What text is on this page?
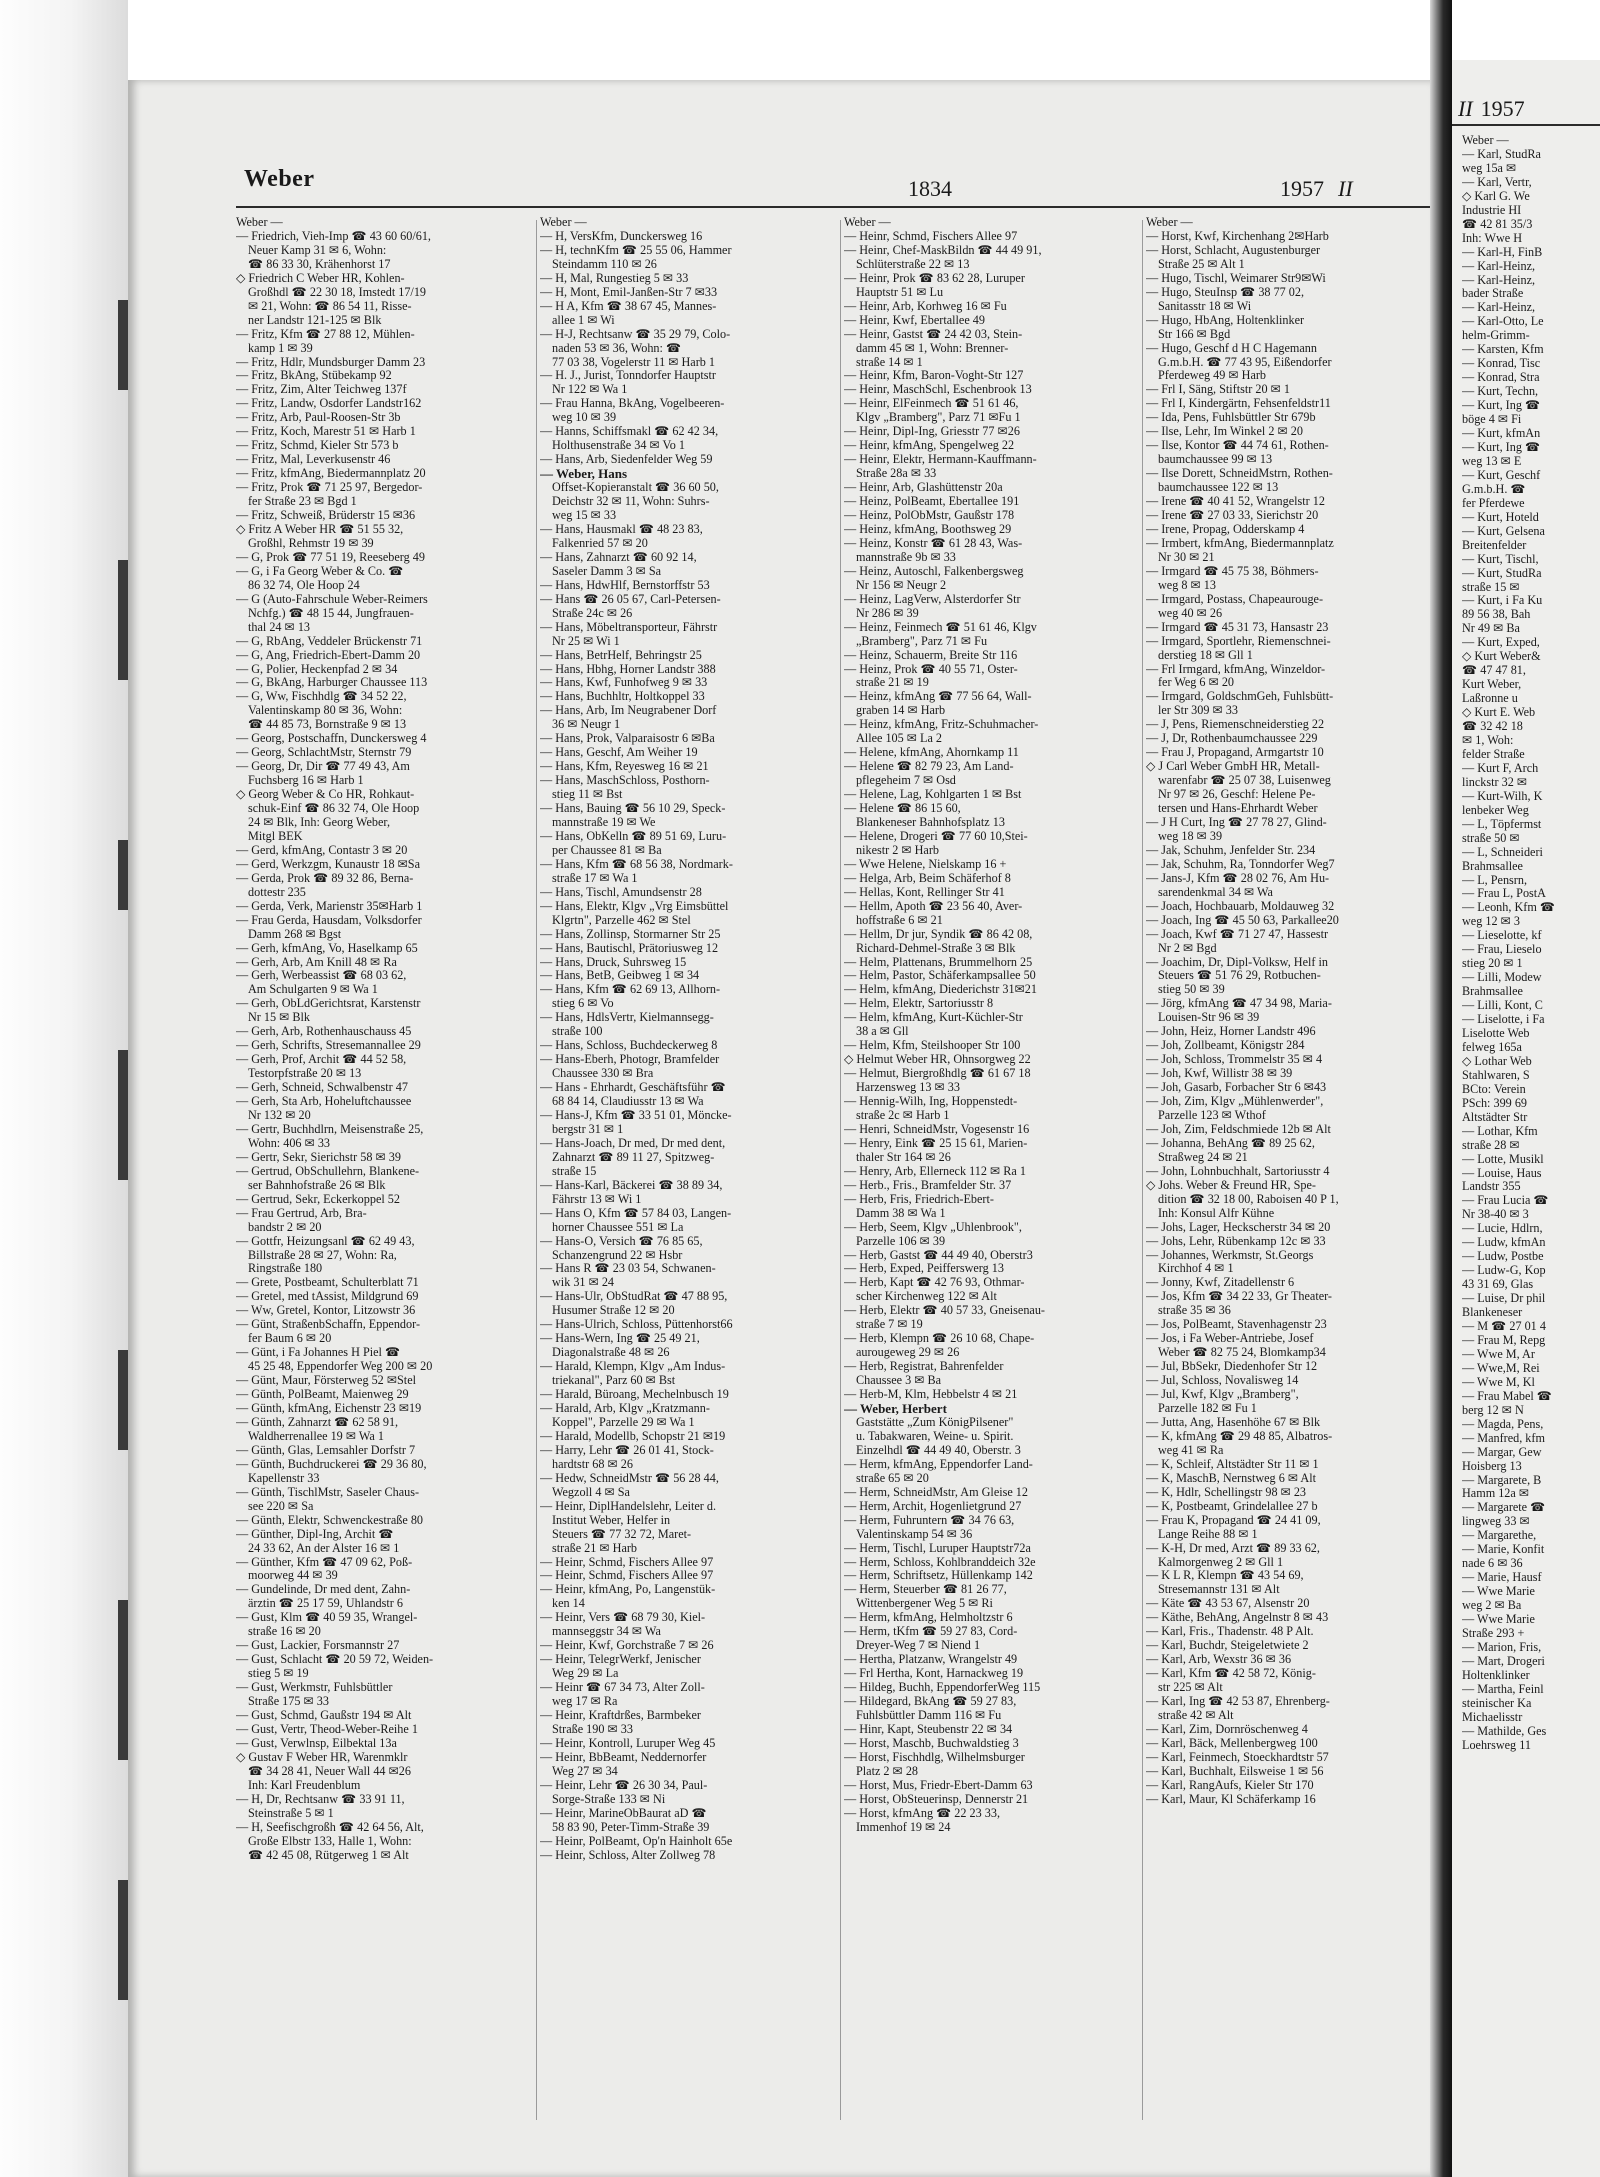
Weber	1834	1957 II
Weber —
— Friedrich, Vieh-Imp ☎ 43 60 60/61,
Neuer Kamp 31 ✉ 6, Wohn:
☎ 86 33 30, Krähenhorst 17
◇ Friedrich C Weber HR, Kohlen-
Großhdl ☎ 22 30 18, Imstedt 17/19
✉ 21, Wohn: ☎ 86 54 11, Risse-
ner Landstr 121-125 ✉ Blk
— Fritz, Kfm ☎ 27 88 12, Mühlen-
kamp 1 ✉ 39
— Fritz, Hdlr, Mundsburger Damm 23
— Fritz, BkAng, Stübekamp 92
— Fritz, Zim, Alter Teichweg 137f
— Fritz, Landw, Osdorfer Landstr162
— Fritz, Arb, Paul-Roosen-Str 3b
— Fritz, Koch, Marestr 51 ✉ Harb 1
— Fritz, Schmd, Kieler Str 573 b
— Fritz, Mal, Leverkusenstr 46
— Fritz, kfmAng, Biedermannplatz 20
— Fritz, Prok ☎ 71 25 97, Bergedor-
fer Straße 23 ✉ Bgd 1
— Fritz, Schweiß, Brüderstr 15 ✉36
◇ Fritz A Weber HR ☎ 51 55 32,
Großhl, Rehmstr 19 ✉ 39
— G, Prok ☎ 77 51 19, Reeseberg 49
— G, i Fa Georg Weber & Co. ☎
86 32 74, Ole Hoop 24
— G (Auto-Fahrschule Weber-Reimers
Nchfg.) ☎ 48 15 44, Jungfrauen-
thal 24 ✉ 13
— G, RbAng, Veddeler Brückenstr 71
— G, Ang, Friedrich-Ebert-Damm 20
— G, Polier, Heckenpfad 2 ✉ 34
— G, BkAng, Harburger Chaussee 113
— G, Ww, Fischhdlg ☎ 34 52 22,
Valentinskamp 80 ✉ 36, Wohn:
☎ 44 85 73, Bornstraße 9 ✉ 13
— Georg, Postschaffn, Dunckersweg 4
— Georg, SchlachtMstr, Sternstr 79
— Georg, Dr, Dir ☎ 77 49 43, Am
Fuchsberg 16 ✉ Harb 1
◇ Georg Weber & Co HR, Rohkaut-
schuk-Einf ☎ 86 32 74, Ole Hoop
24 ✉ Blk, Inh: Georg Weber,
Mitgl BEK
— Gerd, kfmAng, Contastr 3 ✉ 20
— Gerd, Werkzgm, Kunaustr 18 ✉Sa
— Gerda, Prok ☎ 89 32 86, Berna-
dottestr 235
— Gerda, Verk, Marienstr 35✉Harb 1
— Frau Gerda, Hausdam, Volksdorfer
Damm 268 ✉ Bgst
— Gerh, kfmAng, Vo, Haselkamp 65
— Gerh, Arb, Am Knill 48 ✉ Ra
— Gerh, Werbeassist ☎ 68 03 62,
Am Schulgarten 9 ✉ Wa 1
— Gerh, ObLdGerichtsrat, Karstenstr
Nr 15 ✉ Blk
— Gerh, Arb, Rothenhauschauss 45
— Gerh, Schrifts, Stresemannallee 29
— Gerh, Prof, Archit ☎ 44 52 58,
Testorpfstraße 20 ✉ 13
— Gerh, Schneid, Schwalbenstr 47
— Gerh, Sta Arb, Hoheluftchaussee
Nr 132 ✉ 20
— Gertr, Buchhdlrn, Meisenstraße 25,
Wohn: 406 ✉ 33
— Gertr, Sekr, Sierichstr 58 ✉ 39
— Gertrud, ObSchullehrn, Blankene-
ser Bahnhofstraße 26 ✉ Blk
— Gertrud, Sekr, Eckerkoppel 52
— Frau Gertrud, Arb, Bra-
bandstr 2 ✉ 20
— Gottfr, Heizungsanl ☎ 62 49 43,
Billstraße 28 ✉ 27, Wohn: Ra,
Ringstraße 180
— Grete, Postbeamt, Schulterblatt 71
— Gretel, med tAssist, Mildgrund 69
— Ww, Gretel, Kontor, Litzowstr 36
— Günt, StraßenbSchaffn, Eppendor-
fer Baum 6 ✉ 20
— Günt, i Fa Johannes H Piel ☎
45 25 48, Eppendorfer Weg 200 ✉ 20
— Günt, Maur, Försterweg 52 ✉Stel
— Günth, PolBeamt, Maienweg 29
— Günth, kfmAng, Eichenstr 23 ✉19
— Günth, Zahnarzt ☎ 62 58 91,
Waldherrenallee 19 ✉ Wa 1
— Günth, Glas, Lemsahler Dorfstr 7
— Günth, Buchdruckerei ☎ 29 36 80,
Kapellenstr 33
— Günth, TischlMstr, Saseler Chaus-
see 220 ✉ Sa
— Günth, Elektr, Schwenckestraße 80
— Günther, Dipl-Ing, Archit ☎
24 33 62, An der Alster 16 ✉ 1
— Günther, Kfm ☎ 47 09 62, Poß-
moorweg 44 ✉ 39
— Gundelinde, Dr med dent, Zahn-
ärztin ☎ 25 17 59, Uhlandstr 6
— Gust, Klm ☎ 40 59 35, Wrangel-
straße 16 ✉ 20
— Gust, Lackier, Forsmannstr 27
— Gust, Schlacht ☎ 20 59 72, Weiden-
stieg 5 ✉ 19
— Gust, Werkmstr, Fuhlsbüttler
Straße 175 ✉ 33
— Gust, Schmd, Gaußstr 194 ✉ Alt
— Gust, Vertr, Theod-Weber-Reihe 1
— Gust, Verwlnsp, Eilbektal 13a
◇ Gustav F Weber HR, Warenmklr
☎ 34 28 41, Neuer Wall 44 ✉26
Inh: Karl Freudenblum
— H, Dr, Rechtsanw ☎ 33 91 11,
Steinstraße 5 ✉ 1
— H, Seefischgroßh ☎ 42 64 56, Alt,
Große Elbstr 133, Halle 1, Wohn:
☎ 42 45 08, Rütgerweg 1 ✉ Alt
Weber —
— H, VersKfm, Dunckersweg 16
— H, technKfm ☎ 25 55 06, Hammer
Steindamm 110 ✉ 26
— H, Mal, Rungestieg 5 ✉ 33
— H, Mont, Emil-Janßen-Str 7 ✉33
— H A, Kfm ☎ 38 67 45, Mannes-
allee 1 ✉ Wi
— H-J, Rechtsanw ☎ 35 29 79, Colo-
naden 53 ✉ 36, Wohn: ☎
77 03 38, Vogelerstr 11 ✉ Harb 1
— H. J., Jurist, Tonndorfer Hauptstr
Nr 122 ✉ Wa 1
— Frau Hanna, BkAng, Vogelbeeren-
weg 10 ✉ 39
— Hanns, Schiffsmakl ☎ 62 42 34,
Holthusenstraße 34 ✉ Vo 1
— Hans, Arb, Siedenfelder Weg 59
— Weber, Hans
Offset-Kopieranstalt ☎ 36 60 50,
Deichstr 32 ✉ 11, Wohn: Suhrs-
weg 15 ✉ 33
— Hans, Hausmakl ☎ 48 23 83,
Falkenried 57 ✉ 20
— Hans, Zahnarzt ☎ 60 92 14,
Saseler Damm 3 ✉ Sa
— Hans, HdwHlf, Bernstorffstr 53
— Hans ☎ 26 05 67, Carl-Petersen-
Straße 24c ✉ 26
— Hans, Möbeltransporteur, Fährstr
Nr 25 ✉ Wi 1
— Hans, BetrHelf, Behringstr 25
— Hans, Hbhg, Horner Landstr 388
— Hans, Kwf, Funhofweg 9 ✉ 33
— Hans, Buchhltr, Holtkoppel 33
— Hans, Arb, Im Neugrabener Dorf
36 ✉ Neugr 1
— Hans, Prok, Valparaisostr 6 ✉Ba
— Hans, Geschf, Am Weiher 19
— Hans, Kfm, Reyesweg 16 ✉ 21
— Hans, MaschSchloss, Posthorn-
stieg 11 ✉ Bst
— Hans, Bauing ☎ 56 10 29, Speck-
mannstraße 19 ✉ We
— Hans, ObKelln ☎ 89 51 69, Luru-
per Chaussee 81 ✉ Ba
— Hans, Kfm ☎ 68 56 38, Nordmark-
straße 17 ✉ Wa 1
— Hans, Tischl, Amundsenstr 28
— Hans, Elektr, Klgv „Vrg Eimsbüttel
Klgrtn", Parzelle 462 ✉ Stel
— Hans, Zollinsp, Stormarner Str 25
— Hans, Bautischl, Prätoriusweg 12
— Hans, Druck, Suhrsweg 15
— Hans, BetB, Geibweg 1 ✉ 34
— Hans, Kfm ☎ 62 69 13, Allhorn-
stieg 6 ✉ Vo
— Hans, HdlsVertr, Kielmannsegg-
straße 100
— Hans, Schloss, Buchdeckerweg 8
— Hans-Eberh, Photogr, Bramfelder
Chaussee 330 ✉ Bra
— Hans - Ehrhardt, Geschäftsführ ☎
68 84 14, Claudiusstr 13 ✉ Wa
— Hans-J, Kfm ☎ 33 51 01, Möncke-
bergstr 31 ✉ 1
— Hans-Joach, Dr med, Dr med dent,
Zahnarzt ☎ 89 11 27, Spitzweg-
straße 15
— Hans-Karl, Bäckerei ☎ 38 89 34,
Fährstr 13 ✉ Wi 1
— Hans O, Kfm ☎ 57 84 03, Langen-
horner Chaussee 551 ✉ La
— Hans-O, Versich ☎ 76 85 65,
Schanzengrund 22 ✉ Hsbr
— Hans R ☎ 23 03 54, Schwanen-
wik 31 ✉ 24
— Hans-Ulr, ObStudRat ☎ 47 88 95,
Husumer Straße 12 ✉ 20
— Hans-Ulrich, Schloss, Püttenhorst66
— Hans-Wern, Ing ☎ 25 49 21,
Diagonalstraße 48 ✉ 26
— Harald, Klempn, Klgv „Am Indus-
triekanal", Parz 60 ✉ Bst
— Harald, Büroang, Mechelnbusch 19
— Harald, Arb, Klgv „Kratzmann-
Koppel", Parzelle 29 ✉ Wa 1
— Harald, Modellb, Schopstr 21 ✉19
— Harry, Lehr ☎ 26 01 41, Stock-
hardtstr 68 ✉ 26
— Hedw, SchneidMstr ☎ 56 28 44,
Wegzoll 4 ✉ Sa
— Heinr, DiplHandelslehr, Leiter d.
Institut Weber, Helfer in
Steuers ☎ 77 32 72, Maret-
straße 21 ✉ Harb
— Heinr, Schmd, Fischers Allee 97
— Heinr, Schmd, Fischers Allee 97
— Heinr, kfmAng, Po, Langenstük-
ken 14
— Heinr, Vers ☎ 68 79 30, Kiel-
mannseggstr 34 ✉ Wa
— Heinr, Kwf, Gorchstraße 7 ✉ 26
— Heinr, TelegrWerkf, Jenischer
Weg 29 ✉ La
— Heinr ☎ 67 34 73, Alter Zoll-
weg 17 ✉ Ra
— Heinr, Kraftdrßes, Barmbeker
Straße 190 ✉ 33
— Heinr, Kontroll, Luruper Weg 45
— Heinr, BbBeamt, Neddernorfer
Weg 27 ✉ 34
— Heinr, Lehr ☎ 26 30 34, Paul-
Sorge-Straße 133 ✉ Ni
— Heinr, MarineObBaurat aD ☎
58 83 90, Peter-Timm-Straße 39
— Heinr, PolBeamt, Op'n Hainholt 65e
— Heinr, Schloss, Alter Zollweg 78
Weber —
— Heinr, Schmd, Fischers Allee 97
— Heinr, Chef-MaskBildn ☎ 44 49 91,
Schlüterstraße 22 ✉ 13
— Heinr, Prok ☎ 83 62 28, Luruper
Hauptstr 51 ✉ Lu
— Heinr, Arb, Korhweg 16 ✉ Fu
— Heinr, Kwf, Ebertallee 49
— Heinr, Gastst ☎ 24 42 03, Stein-
damm 45 ✉ 1, Wohn: Brenner-
straße 14 ✉ 1
— Heinr, Kfm, Baron-Voght-Str 127
— Heinr, MaschSchl, Eschenbrook 13
— Heinr, ElFeinmech ☎ 51 61 46,
Klgv „Bramberg", Parz 71 ✉Fu 1
— Heinr, Dipl-Ing, Griesstr 77 ✉26
— Heinr, kfmAng, Spengelweg 22
— Heinr, Elektr, Hermann-Kauffmann-
Straße 28a ✉ 33
— Heinr, Arb, Glashüttenstr 20a
— Heinz, PolBeamt, Ebertallee 191
— Heinz, PolObMstr, Gaußstr 178
— Heinz, kfmAng, Boothsweg 29
— Heinz, Konstr ☎ 61 28 43, Was-
mannstraße 9b ✉ 33
— Heinz, Autoschl, Falkenbergsweg
Nr 156 ✉ Neugr 2
— Heinz, LagVerw, Alsterdorfer Str
Nr 286 ✉ 39
— Heinz, Feinmech ☎ 51 61 46, Klgv
„Bramberg", Parz 71 ✉ Fu
— Heinz, Schauerm, Breite Str 116
— Heinz, Prok ☎ 40 55 71, Oster-
straße 21 ✉ 19
— Heinz, kfmAng ☎ 77 56 64, Wall-
graben 14 ✉ Harb
— Heinz, kfmAng, Fritz-Schuhmacher-
Allee 105 ✉ La 2
— Helene, kfmAng, Ahornkamp 11
— Helene ☎ 82 79 23, Am Land-
pflegeheim 7 ✉ Osd
— Helene, Lag, Kohlgarten 1 ✉ Bst
— Helene ☎ 86 15 60,
Blankeneser Bahnhofsplatz 13
— Helene, Drogeri ☎ 77 60 10,Stei-
nikestr 2 ✉ Harb
— Wwe Helene, Nielskamp 16 +
— Helga, Arb, Beim Schäferhof 8
— Hellas, Kont, Rellinger Str 41
— Hellm, Apoth ☎ 23 56 40, Aver-
hoffstraße 6 ✉ 21
— Hellm, Dr jur, Syndik ☎ 86 42 08,
Richard-Dehmel-Straße 3 ✉ Blk
— Helm, Plattenans, Brummelhorn 25
— Helm, Pastor, Schäferkampsallee 50
— Helm, kfmAng, Diederichstr 31✉21
— Helm, Elektr, Sartoriusstr 8
— Helm, kfmAng, Kurt-Küchler-Str
38 a ✉ Gll
— Helm, Kfm, Steilshooper Str 100
◇ Helmut Weber HR, Ohnsorgweg 22
— Helmut, Biergroßhdlg ☎ 61 67 18
Harzensweg 13 ✉ 33
— Hennig-Wilh, Ing, Hoppenstedt-
straße 2c ✉ Harb 1
— Henri, SchneidMstr, Vogesenstr 16
— Henry, Eink ☎ 25 15 61, Marien-
thaler Str 164 ✉ 26
— Henry, Arb, Ellerneck 112 ✉ Ra 1
— Herb., Fris., Bramfelder Str. 37
— Herb, Fris, Friedrich-Ebert-
Damm 38 ✉ Wa 1
— Herb, Seem, Klgv „Uhlenbrook",
Parzelle 106 ✉ 39
— Herb, Gastst ☎ 44 49 40, Oberstr3
— Herb, Exped, Peifferswerg 13
— Herb, Kapt ☎ 42 76 93, Othmar-
scher Kirchenweg 122 ✉ Alt
— Herb, Elektr ☎ 40 57 33, Gneisenau-
straße 7 ✉ 19
— Herb, Klempn ☎ 26 10 68, Chape-
aurougeweg 29 ✉ 26
— Herb, Registrat, Bahrenfelder
Chaussee 3 ✉ Ba
— Herb-M, Klm, Hebbelstr 4 ✉ 21
— Weber, Herbert
Gaststätte „Zum KönigPilsener"
u. Tabakwaren, Weine- u. Spirit.
Einzelhdl ☎ 44 49 40, Oberstr. 3
— Herm, kfmAng, Eppendorfer Land-
straße 65 ✉ 20
— Herm, SchneidMstr, Am Gleise 12
— Herm, Archit, Hogenlietgrund 27
— Herm, Fuhruntern ☎ 34 76 63,
Valentinskamp 54 ✉ 36
— Herm, Tischl, Luruper Hauptstr72a
— Herm, Schloss, Kohlbranddeich 32e
— Herm, Schriftsetz, Hüllenkamp 142
— Herm, Steuerber ☎ 81 26 77,
Wittenbergener Weg 5 ✉ Ri
— Herm, kfmAng, Helmholtzstr 6
— Herm, tKfm ☎ 59 27 83, Cord-
Dreyer-Weg 7 ✉ Niend 1
— Hertha, Platzanw, Wrangelstr 49
— Frl Hertha, Kont, Harnackweg 19
— Hildeg, Buchh, EppendorferWeg 115
— Hildegard, BkAng ☎ 59 27 83,
Fuhlsbüttler Damm 116 ✉ Fu
— Hinr, Kapt, Steubenstr 22 ✉ 34
— Horst, Maschb, Buchwaldstieg 3
— Horst, Fischhdlg, Wilhelmsburger
Platz 2 ✉ 28
— Horst, Mus, Friedr-Ebert-Damm 63
— Horst, ObSteuerinsp, Dennerstr 21
— Horst, kfmAng ☎ 22 23 33,
Immenhof 19 ✉ 24
Weber —
— Horst, Kwf, Kirchenhang 2✉Harb
— Horst, Schlacht, Augustenburger
Straße 25 ✉ Alt 1
— Hugo, Tischl, Weimarer Str9✉Wi
— Hugo, SteuInsp ☎ 38 77 02,
Sanitasstr 18 ✉ Wi
— Hugo, HbAng, Holtenklinker
Str 166 ✉ Bgd
— Hugo, Geschf d H C Hagemann
G.m.b.H. ☎ 77 43 95, Eißendorfer
Pferdeweg 49 ✉ Harb
— Frl I, Säng, Stiftstr 20 ✉ 1
— Frl I, Kindergärtn, Fehsenfeldstr11
— Ida, Pens, Fuhlsbüttler Str 679b
— Ilse, Lehr, Im Winkel 2 ✉ 20
— Ilse, Kontor ☎ 44 74 61, Rothen-
baumchaussee 99 ✉ 13
— Ilse Dorett, SchneidMstrn, Rothen-
baumchaussee 122 ✉ 13
— Irene ☎ 40 41 52, Wrangelstr 12
— Irene ☎ 27 03 33, Sierichstr 20
— Irene, Propag, Odderskamp 4
— Irmbert, kfmAng, Biedermannplatz
Nr 30 ✉ 21
— Irmgard ☎ 45 75 38, Böhmers-
weg 8 ✉ 13
— Irmgard, Postass, Chapeaurouge-
weg 40 ✉ 26
— Irmgard ☎ 45 31 73, Hansastr 23
— Irmgard, Sportlehr, Riemenschnei-
derstieg 18 ✉ Gll 1
— Frl Irmgard, kfmAng, Winzeldor-
fer Weg 6 ✉ 20
— Irmgard, GoldschmGeh, Fuhlsbütt-
ler Str 309 ✉ 33
— J, Pens, Riemenschneiderstieg 22
— J, Dr, Rothenbaumchaussee 229
— Frau J, Propagand, Armgartstr 10
◇ J Carl Weber GmbH HR, Metall-
warenfabr ☎ 25 07 38, Luisenweg
Nr 97 ✉ 26, Geschf: Helene Pe-
tersen und Hans-Ehrhardt Weber
— J H Curt, Ing ☎ 27 78 27, Glind-
weg 18 ✉ 39
— Jak, Schuhm, Jenfelder Str. 234
— Jak, Schuhm, Ra, Tonndorfer Weg7
— Jans-J, Kfm ☎ 28 02 76, Am Hu-
sarendenkmal 34 ✉ Wa
— Joach, Hochbauarb, Moldauweg 32
— Joach, Ing ☎ 45 50 63, Parkallee20
— Joach, Kwf ☎ 71 27 47, Hassestr
Nr 2 ✉ Bgd
— Joachim, Dr, Dipl-Volksw, Helf in
Steuers ☎ 51 76 29, Rotbuchen-
stieg 50 ✉ 39
— Jörg, kfmAng ☎ 47 34 98, Maria-
Louisen-Str 96 ✉ 39
— John, Heiz, Horner Landstr 496
— Joh, Zollbeamt, Königstr 284
— Joh, Schloss, Trommelstr 35 ✉ 4
— Joh, Kwf, Willistr 38 ✉ 39
— Joh, Gasarb, Forbacher Str 6 ✉43
— Joh, Zim, Klgv „Mühlenwerder",
Parzelle 123 ✉ Wthof
— Joh, Zim, Feldschmiede 12b ✉ Alt
— Johanna, BehAng ☎ 89 25 62,
Straßweg 24 ✉ 21
— John, Lohnbuchhalt, Sartoriusstr 4
◇ Johs. Weber & Freund HR, Spe-
dition ☎ 32 18 00, Raboisen 40 P 1,
Inh: Konsul Alfr Kühne
— Johs, Lager, Heckscherstr 34 ✉ 20
— Johs, Lehr, Rübenkamp 12c ✉ 33
— Johannes, Werkmstr, St.Georgs
Kirchhof 4 ✉ 1
— Jonny, Kwf, Zitadellenstr 6
— Jos, Kfm ☎ 34 22 33, Gr Theater-
straße 35 ✉ 36
— Jos, PolBeamt, Stavenhagenstr 23
— Jos, i Fa Weber-Antriebe, Josef
Weber ☎ 82 75 24, Blomkamp34
— Jul, BbSekr, Diedenhofer Str 12
— Jul, Schloss, Novalisweg 14
— Jul, Kwf, Klgv „Bramberg",
Parzelle 182 ✉ Fu 1
— Jutta, Ang, Hasenhöhe 67 ✉ Blk
— K, kfmAng ☎ 29 48 85, Albatros-
weg 41 ✉ Ra
— K, Schleif, Altstädter Str 11 ✉ 1
— K, MaschB, Nernstweg 6 ✉ Alt
— K, Hdlr, Schellingstr 98 ✉ 23
— K, Postbeamt, Grindelallee 27 b
— Frau K, Propagand ☎ 24 41 09,
Lange Reihe 88 ✉ 1
— K-H, Dr med, Arzt ☎ 89 33 62,
Kalmorgenweg 2 ✉ Gll 1
— K L R, Klempn ☎ 43 54 69,
Stresemannstr 131 ✉ Alt
— Käte ☎ 43 53 67, Alsenstr 20
— Käthe, BehAng, Angelnstr 8 ✉ 43
— Karl, Fris., Thadenstr. 48 P Alt.
— Karl, Buchdr, Steigeletwiete 2
— Karl, Arb, Wexstr 36 ✉ 36
— Karl, Kfm ☎ 42 58 72, König-
str 225 ✉ Alt
— Karl, Ing ☎ 42 53 87, Ehrenberg-
straße 42 ✉ Alt
— Karl, Zim, Dornröschenweg 4
— Karl, Bäck, Mellenbergweg 100
— Karl, Feinmech, Stoeckhardtstr 57
— Karl, Buchhalt, Eilsweise 1 ✉ 56
— Karl, RangAufs, Kieler Str 170
— Karl, Maur, Kl Schäferkamp 16
II 1957
Weber —
— Karl, StudRa
weg 15a ✉
— Karl, Vertr,
◇ Karl G. We
Industrie HI
☎ 42 81 35/3
Inh: Wwe H
— Karl-H, FinB
— Karl-Heinz,
— Karl-Heinz,
bader Straße
— Karl-Heinz,
— Karl-Otto, Le
helm-Grimm-
— Karsten, Kfm
— Konrad, Tisc
— Konrad, Stra
— Kurt, Techn,
— Kurt, Ing ☎
böge 4 ✉ Fi
— Kurt, kfmAn
— Kurt, Ing ☎
weg 13 ✉ E
— Kurt, Geschf
G.m.b.H. ☎
fer Pferdewe
— Kurt, Hoteld
— Kurt, Gelsena
Breitenfelder
— Kurt, Tischl,
— Kurt, StudRa
straße 15 ✉
— Kurt, i Fa Ku
89 56 38, Bah
Nr 49 ✉ Ba
— Kurt, Exped,
◇ Kurt Weber&
☎ 47 47 81,
Kurt Weber,
Laßronne u
◇ Kurt E. Web
☎ 32 42 18
✉ 1, Woh:
felder Straße
— Kurt F, Arch
linckstr 32 ✉
— Kurt-Wilh, K
lenbeker Weg
— L, Töpfermst
straße 50 ✉
— L, Schneideri
Brahmsallee
— L, Pensrn,
— Frau L, PostA
— Leonh, Kfm ☎
weg 12 ✉ 3
— Lieselotte, kf
— Frau, Lieselo
stieg 20 ✉ 1
— Lilli, Modew
Brahmsallee
— Lilli, Kont, C
— Liselotte, i Fa
Liselotte Web
felweg 165a
◇ Lothar Web
Stahlwaren, S
BCto: Verein
PSch: 399 69
Altstädter Str
— Lothar, Kfm
straße 28 ✉
— Lotte, Musikl
— Louise, Haus
Landstr 355
— Frau Lucia ☎
Nr 38-40 ✉ 3
— Lucie, Hdlrn,
— Ludw, kfmAn
— Ludw, Postbe
— Ludw-G, Kop
43 31 69, Glas
— Luise, Dr phil
Blankeneser
— M ☎ 27 01 4
— Frau M, Repg
— Wwe M, Ar
— Wwe,M, Rei
— Wwe M, Kl
— Frau Mabel ☎
berg 12 ✉ N
— Magda, Pens,
— Manfred, kfm
— Margar, Gew
Hoisberg 13
— Margarete, B
Hamm 12a ✉
— Margarete ☎
lingweg 33 ✉
— Margarethe,
— Marie, Konfit
nade 6 ✉ 36
— Marie, Hausf
— Wwe Marie
weg 2 ✉ Ba
— Wwe Marie
Straße 293 +
— Marion, Fris,
— Mart, Drogeri
Holtenklinker
— Martha, Feinl
steinischer Ka
Michaelisstr
— Mathilde, Ges
Loehrsweg 11
